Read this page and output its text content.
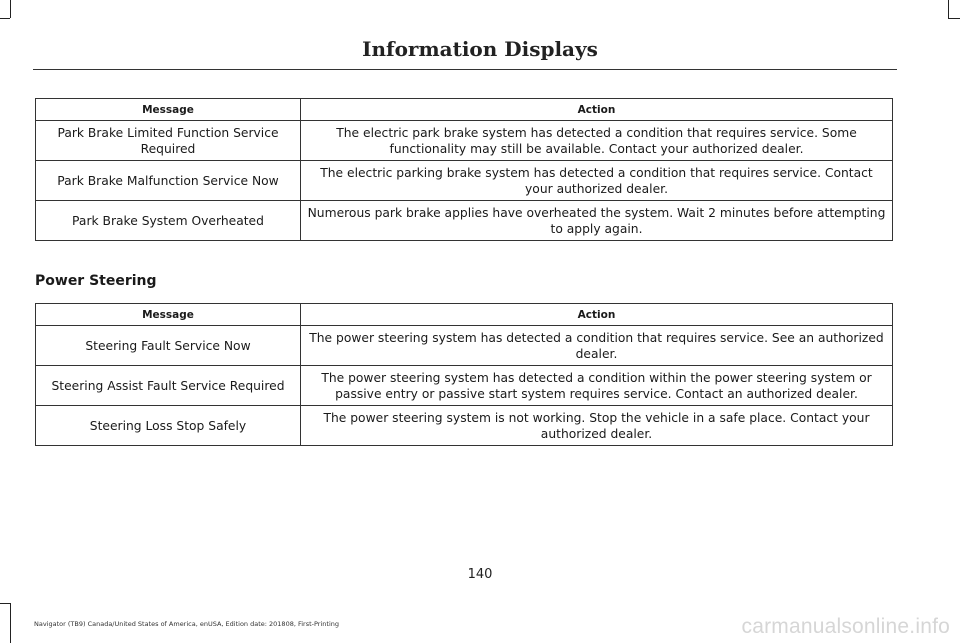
Information Displays
Message	Action
Park Brake Limited Function Service Required	The electric park brake system has detected a condition that requires service. Some functionality may still be available. Contact your authorized dealer.
Park Brake Malfunction Service Now	The electric parking brake system has detected a condition that requires service. Contact your authorized dealer.
Park Brake System Overheated	Numerous park brake applies have overheated the system. Wait 2 minutes before attempting to apply again.
Power Steering
Message	Action
Steering Fault Service Now	The power steering system has detected a condition that requires service. See an authorized dealer.
Steering Assist Fault Service Required	The power steering system has detected a condition within the power steering system or passive entry or passive start system requires service. Contact an authorized dealer.
Steering Loss Stop Safely	The power steering system is not working. Stop the vehicle in a safe place. Contact your authorized dealer.
140
Navigator (TB9) Canada/United States of America, enUSA, Edition date: 201808, First-Printing	carmanualsonline.info
